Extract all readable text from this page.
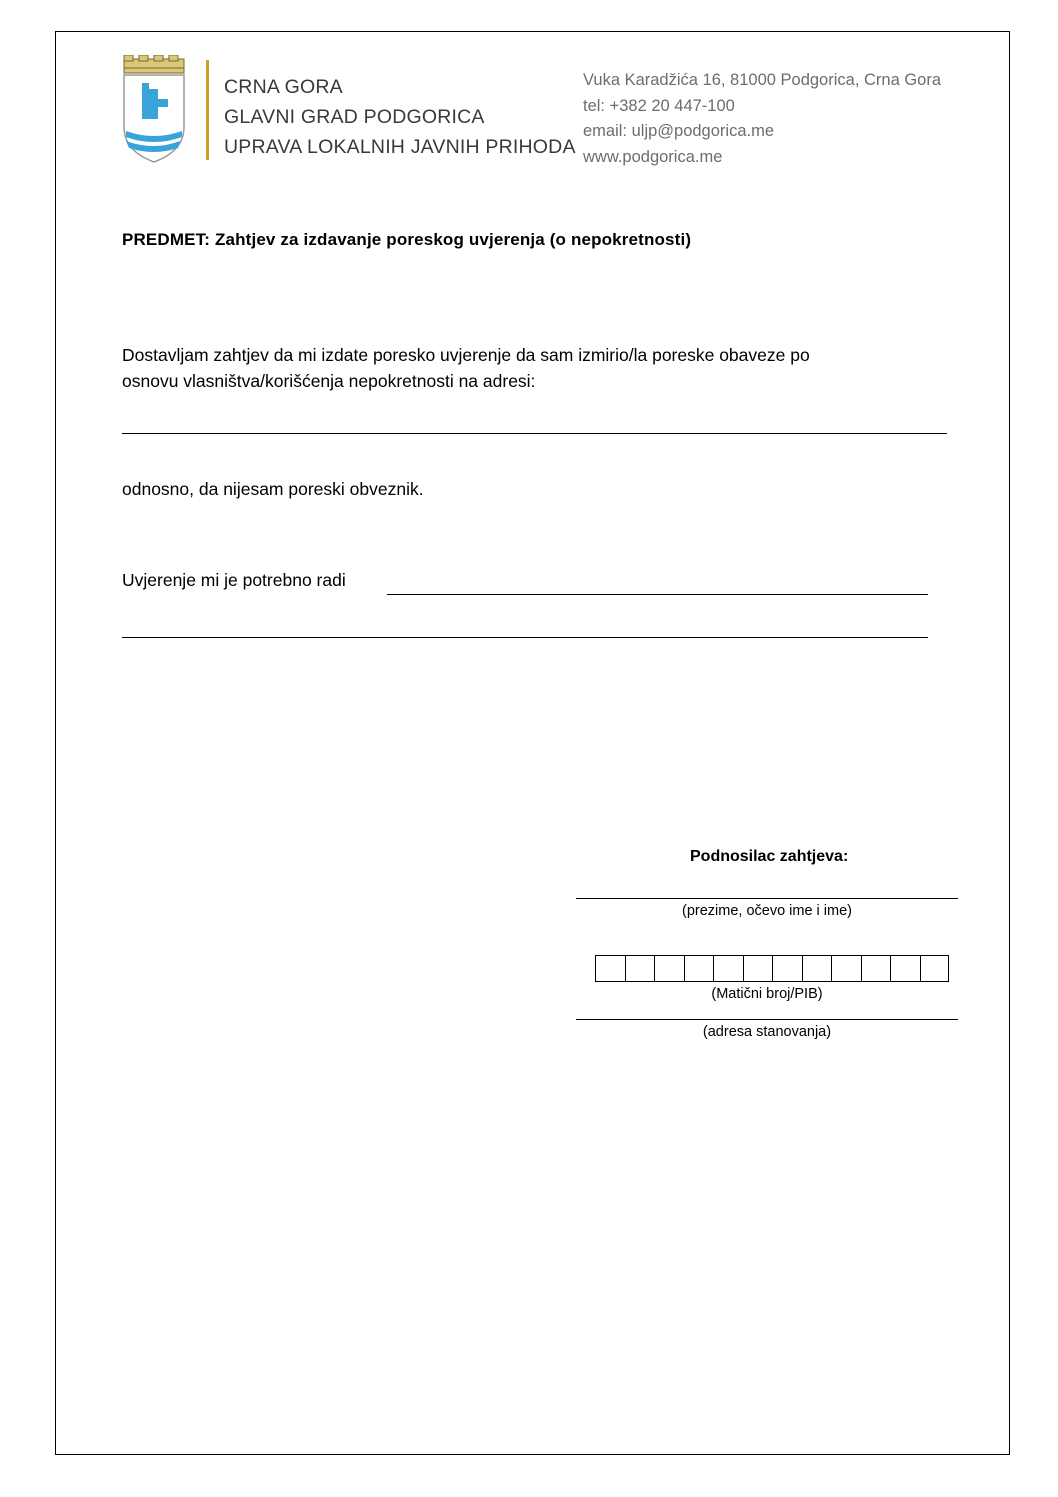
CRNA GORA
GLAVNI GRAD PODGORICA
UPRAVA LOKALNIH JAVNIH PRIHODA
Vuka Karadžića 16, 81000 Podgorica, Crna Gora
tel: +382 20 447-100
email: uljp@podgorica.me
www.podgorica.me
PREDMET: Zahtjev za izdavanje poreskog uvjerenja (o nepokretnosti)
Dostavljam zahtjev da mi izdate poresko uvjerenje da sam izmirio/la poreske obaveze po
osnovu vlasništva/korišćenja nepokretnosti na adresi:
odnosno, da nijesam poreski obveznik.
Uvjerenje mi je potrebno radi
Podnosilac zahtjeva:
(prezime, očevo ime i ime)
(Matični broj/PIB)
(adresa stanovanja)
